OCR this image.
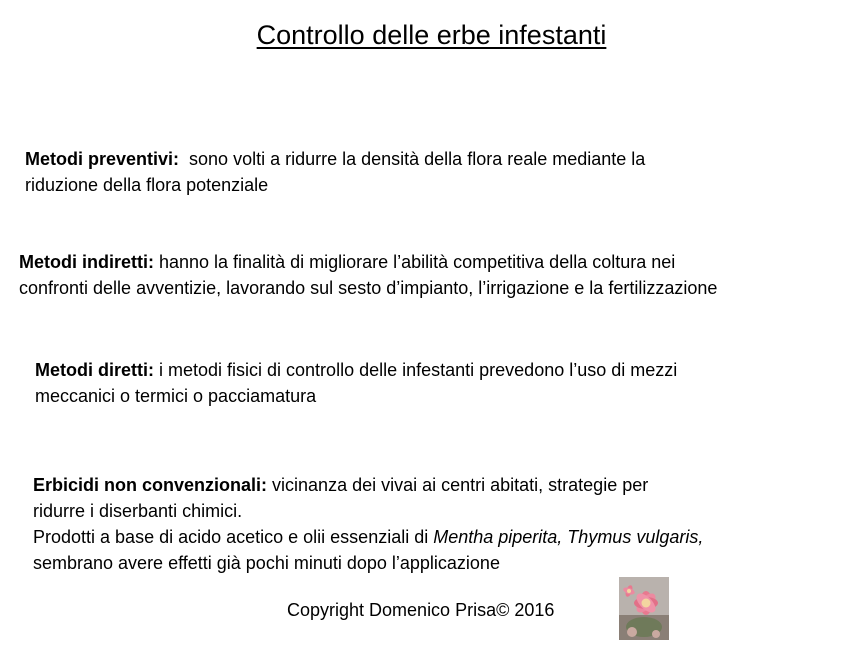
Controllo delle erbe infestanti
Metodi preventivi:  sono volti a ridurre la densità della flora reale mediante la
riduzione della flora potenziale
Metodi indiretti: hanno la finalità di migliorare l’abilità competitiva della coltura nei
confronti delle avventizie, lavorando sul sesto d’impianto, l’irrigazione e la fertilizzazione
Metodi diretti: i metodi fisici di controllo delle infestanti prevedono l’uso di mezzi
meccanici o termici o pacciamatura
Erbicidi non convenzionali: vicinanza dei vivai ai centri abitati, strategie per
ridurre i diserbanti chimici.
Prodotti a base di acido acetico e olii essenziali di Mentha piperita, Thymus vulgaris,
sembrano avere effetti già pochi minuti dopo l’applicazione
Copyright Domenico Prisa© 2016
